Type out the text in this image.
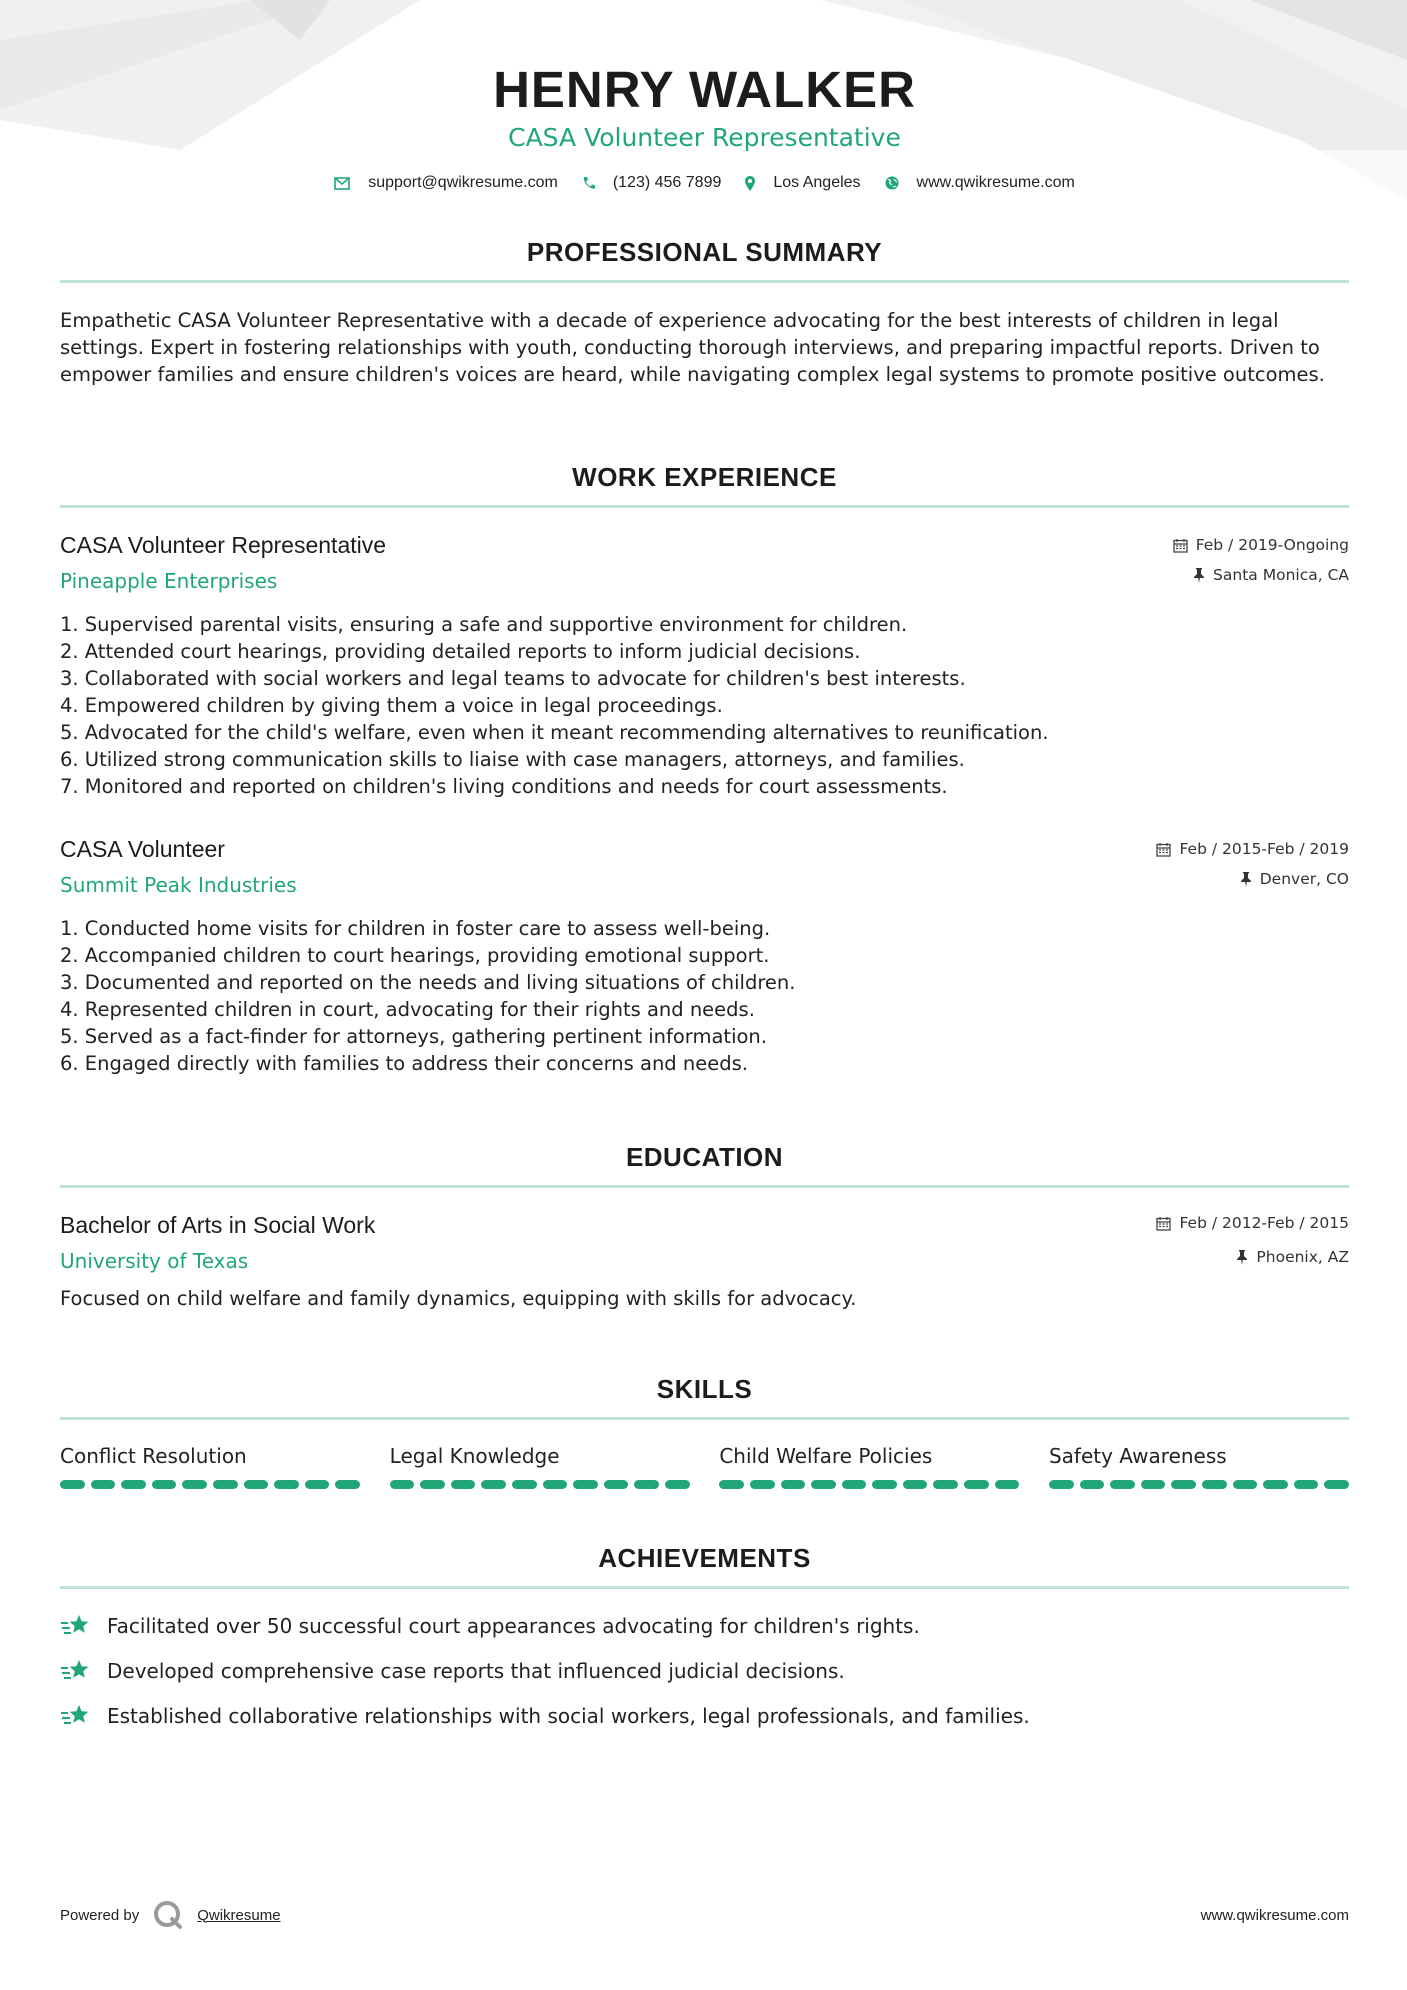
HENRY WALKER
CASA Volunteer Representative
support@qwikresume.com	(123) 456 7899	Los Angeles	www.qwikresume.com
PROFESSIONAL SUMMARY
Empathetic CASA Volunteer Representative with a decade of experience advocating for the best interests of children in legal settings. Expert in fostering relationships with youth, conducting thorough interviews, and preparing impactful reports. Driven to empower families and ensure children's voices are heard, while navigating complex legal systems to promote positive outcomes.
WORK EXPERIENCE
Feb / 2019-Ongoing
Santa Monica, CA
CASA Volunteer Representative
Pineapple Enterprises
1. Supervised parental visits, ensuring a safe and supportive environment for children.
2. Attended court hearings, providing detailed reports to inform judicial decisions.
3. Collaborated with social workers and legal teams to advocate for children's best interests.
4. Empowered children by giving them a voice in legal proceedings.
5. Advocated for the child's welfare, even when it meant recommending alternatives to reunification.
6. Utilized strong communication skills to liaise with case managers, attorneys, and families.
7. Monitored and reported on children's living conditions and needs for court assessments.
Feb / 2015-Feb / 2019
Denver, CO
CASA Volunteer
Summit Peak Industries
1. Conducted home visits for children in foster care to assess well-being.
2. Accompanied children to court hearings, providing emotional support.
3. Documented and reported on the needs and living situations of children.
4. Represented children in court, advocating for their rights and needs.
5. Served as a fact-finder for attorneys, gathering pertinent information.
6. Engaged directly with families to address their concerns and needs.
EDUCATION
Feb / 2012-Feb / 2015
Phoenix, AZ
Bachelor of Arts in Social Work
University of Texas
Focused on child welfare and family dynamics, equipping with skills for advocacy.
SKILLS
Conflict Resolution	Legal Knowledge	Child Welfare Policies	Safety Awareness
ACHIEVEMENTS
Facilitated over 50 successful court appearances advocating for children's rights.
Developed comprehensive case reports that influenced judicial decisions.
Established collaborative relationships with social workers, legal professionals, and families.
Powered by	Qwikresume	www.qwikresume.com
